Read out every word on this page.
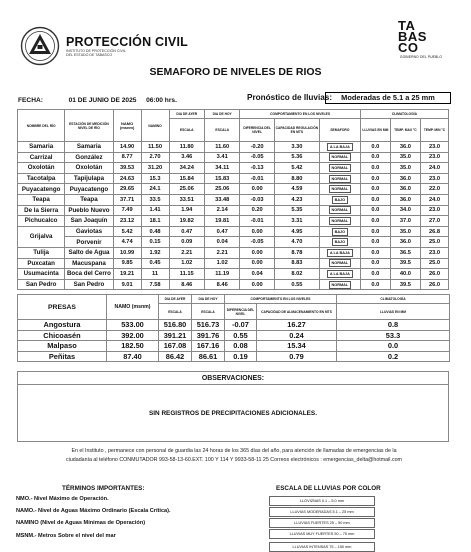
PROTECCIÓN CIVIL
INSTITUTO DE PROTECCIÓN CIVIL
DEL ESTADO DE TABASCO
TA
BAS
CO
GOBIERNO DEL PUEBLO
SEMAFORO DE NIVELES DE RIOS
FECHA:	01 DE JUNIO DE 2025 06:00 hrs.	Pronóstico de lluvias:	Moderadas de 5.1 a 25 mm
NOMBRE DEL RÍO	ESTACIÓN DE MEDICIÓN NIVEL DE RÍO	NAMO (msnm)	NAMINO	DIA DE AYER	DIA DE HOY	COMPORTAMIENTO EN LOS NIVELES			CLIMATOLOGÍA		
				ESCALA	ESCALA	DIFERENCIA DEL NIVEL	CAPACIDAD REGULACIÓN EN MTS	SEMAFORO	LLUVIAS EN MM	TEMP. MAX °C	TEMP. MIN °C
Samaria	Samaria	14.90	11.50	11.80	11.60	-0.20	3.30	A LA BAJA	0.0	36.0	23.0
Carrizal	González	8.77	2.70	3.46	3.41	-0.05	5.36	NORMAL	0.0	35.0	23.0
Oxolotán	Oxolotán	39.53	31.20	34.24	34.11	-0.13	5.42	NORMAL	0.0	35.0	24.0
Tacotalpa	Tapijulapa	24.63	15.3	15.84	15.83	-0.01	8.80	NORMAL	0.0	36.0	23.0
Puyacatengo	Puyacatengo	29.65	24.1	25.06	25.06	0.00	4.59	NORMAL	0.0	36.0	22.0
Teapa	Teapa	37.71	33.5	33.51	33.48	-0.03	4.23	BAJO	0.0	36.0	24.0
De la Sierra	Pueblo Nuevo	7.49	1.41	1.94	2.14	0.20	5.35	NORMAL	0.0	34.0	23.0
Pichucalco	San Joaquín	23.12	18.1	19.82	19.81	-0.01	3.31	NORMAL	0.0	37.0	27.0
Grijalva	Gaviotas	5.42	0.48	0.47	0.47	0.00	4.95	BAJO	0.0	35.0	26.8
	Porvenir	4.74	0.15	0.09	0.04	-0.05	4.70	BAJO	0.0	36.0	25.0
Tulija	Salto de Agua	10.99	1.92	2.21	2.21	0.00	8.78	A LA BAJA	0.0	36.5	23.0
Puxcatan	Macuspana	9.85	0.45	1.02	1.02	0.00	8.83	NORMAL	0.0	39.5	25.0
Usumacinta	Boca del Cerro	19.21	11	11.15	11.19	0.04	8.02	A LA BAJA	0.0	40.0	26.0
San Pedro	San Pedro	9.01	7.58	8.46	8.46	0.00	0.55	NORMAL	0.0	39.5	26.0
PRESAS	NAMO (msnm)	DIA DE AYER	DIA DE HOY	COMPORTAMIENTO EN LOS NIVELES		CLIMATOLOGÍA
		ESCALA	ESCALA	DIFERENCIA DEL NIVEL	CAPACIDAD DE ALMACENAMIENTO EN MTS	LLUVIAS EN MM
Angostura	533.00	516.80	516.73	-0.07	16.27	0.8
Chicoasén	392.00	391.21	391.76	0.55	0.24	53.3
Malpaso	182.50	167.08	167.16	0.08	15.34	0.0
Peñitas	87.40	86.42	86.61	0.19	0.79	0.2
OBSERVACIONES:
SIN REGISTROS DE PRECIPITACIONES ADICIONALES.
En el Instituto , permanece con personal de guardia las 24 horas de los 365 días del año, para atención de llamadas de emergencias de la
ciudadanía al teléfono CONMUTADOR 993-58-13-60.EXT. 100 Y 114 Y 9933-58-11 25 Correos electrónicos : emergencias_delta@hotmail.com
TÉRMINOS IMPORTANTES:
NMO.- Nivel Máximo de Operación.
NAMO.- Nivel de Aguas Máximo Ordinario (Escala Crítica).
NAMINO (Nivel de Aguas Mínimas de Operación)
MSNM.- Metros Sobre el nivel del mar
ESCALA DE LLUVIAS POR COLOR
LLOVIZNAS 0.1 – 5.0 mm
LLUVIAS MODERADAS 5.1 – 25 mm
LLUVIAS FUERTES 25 – 50 mm
LLUVIAS MUY FUERTES 50 – 75 mm
LLUVIAS INTENSAS 75 – 150 mm
